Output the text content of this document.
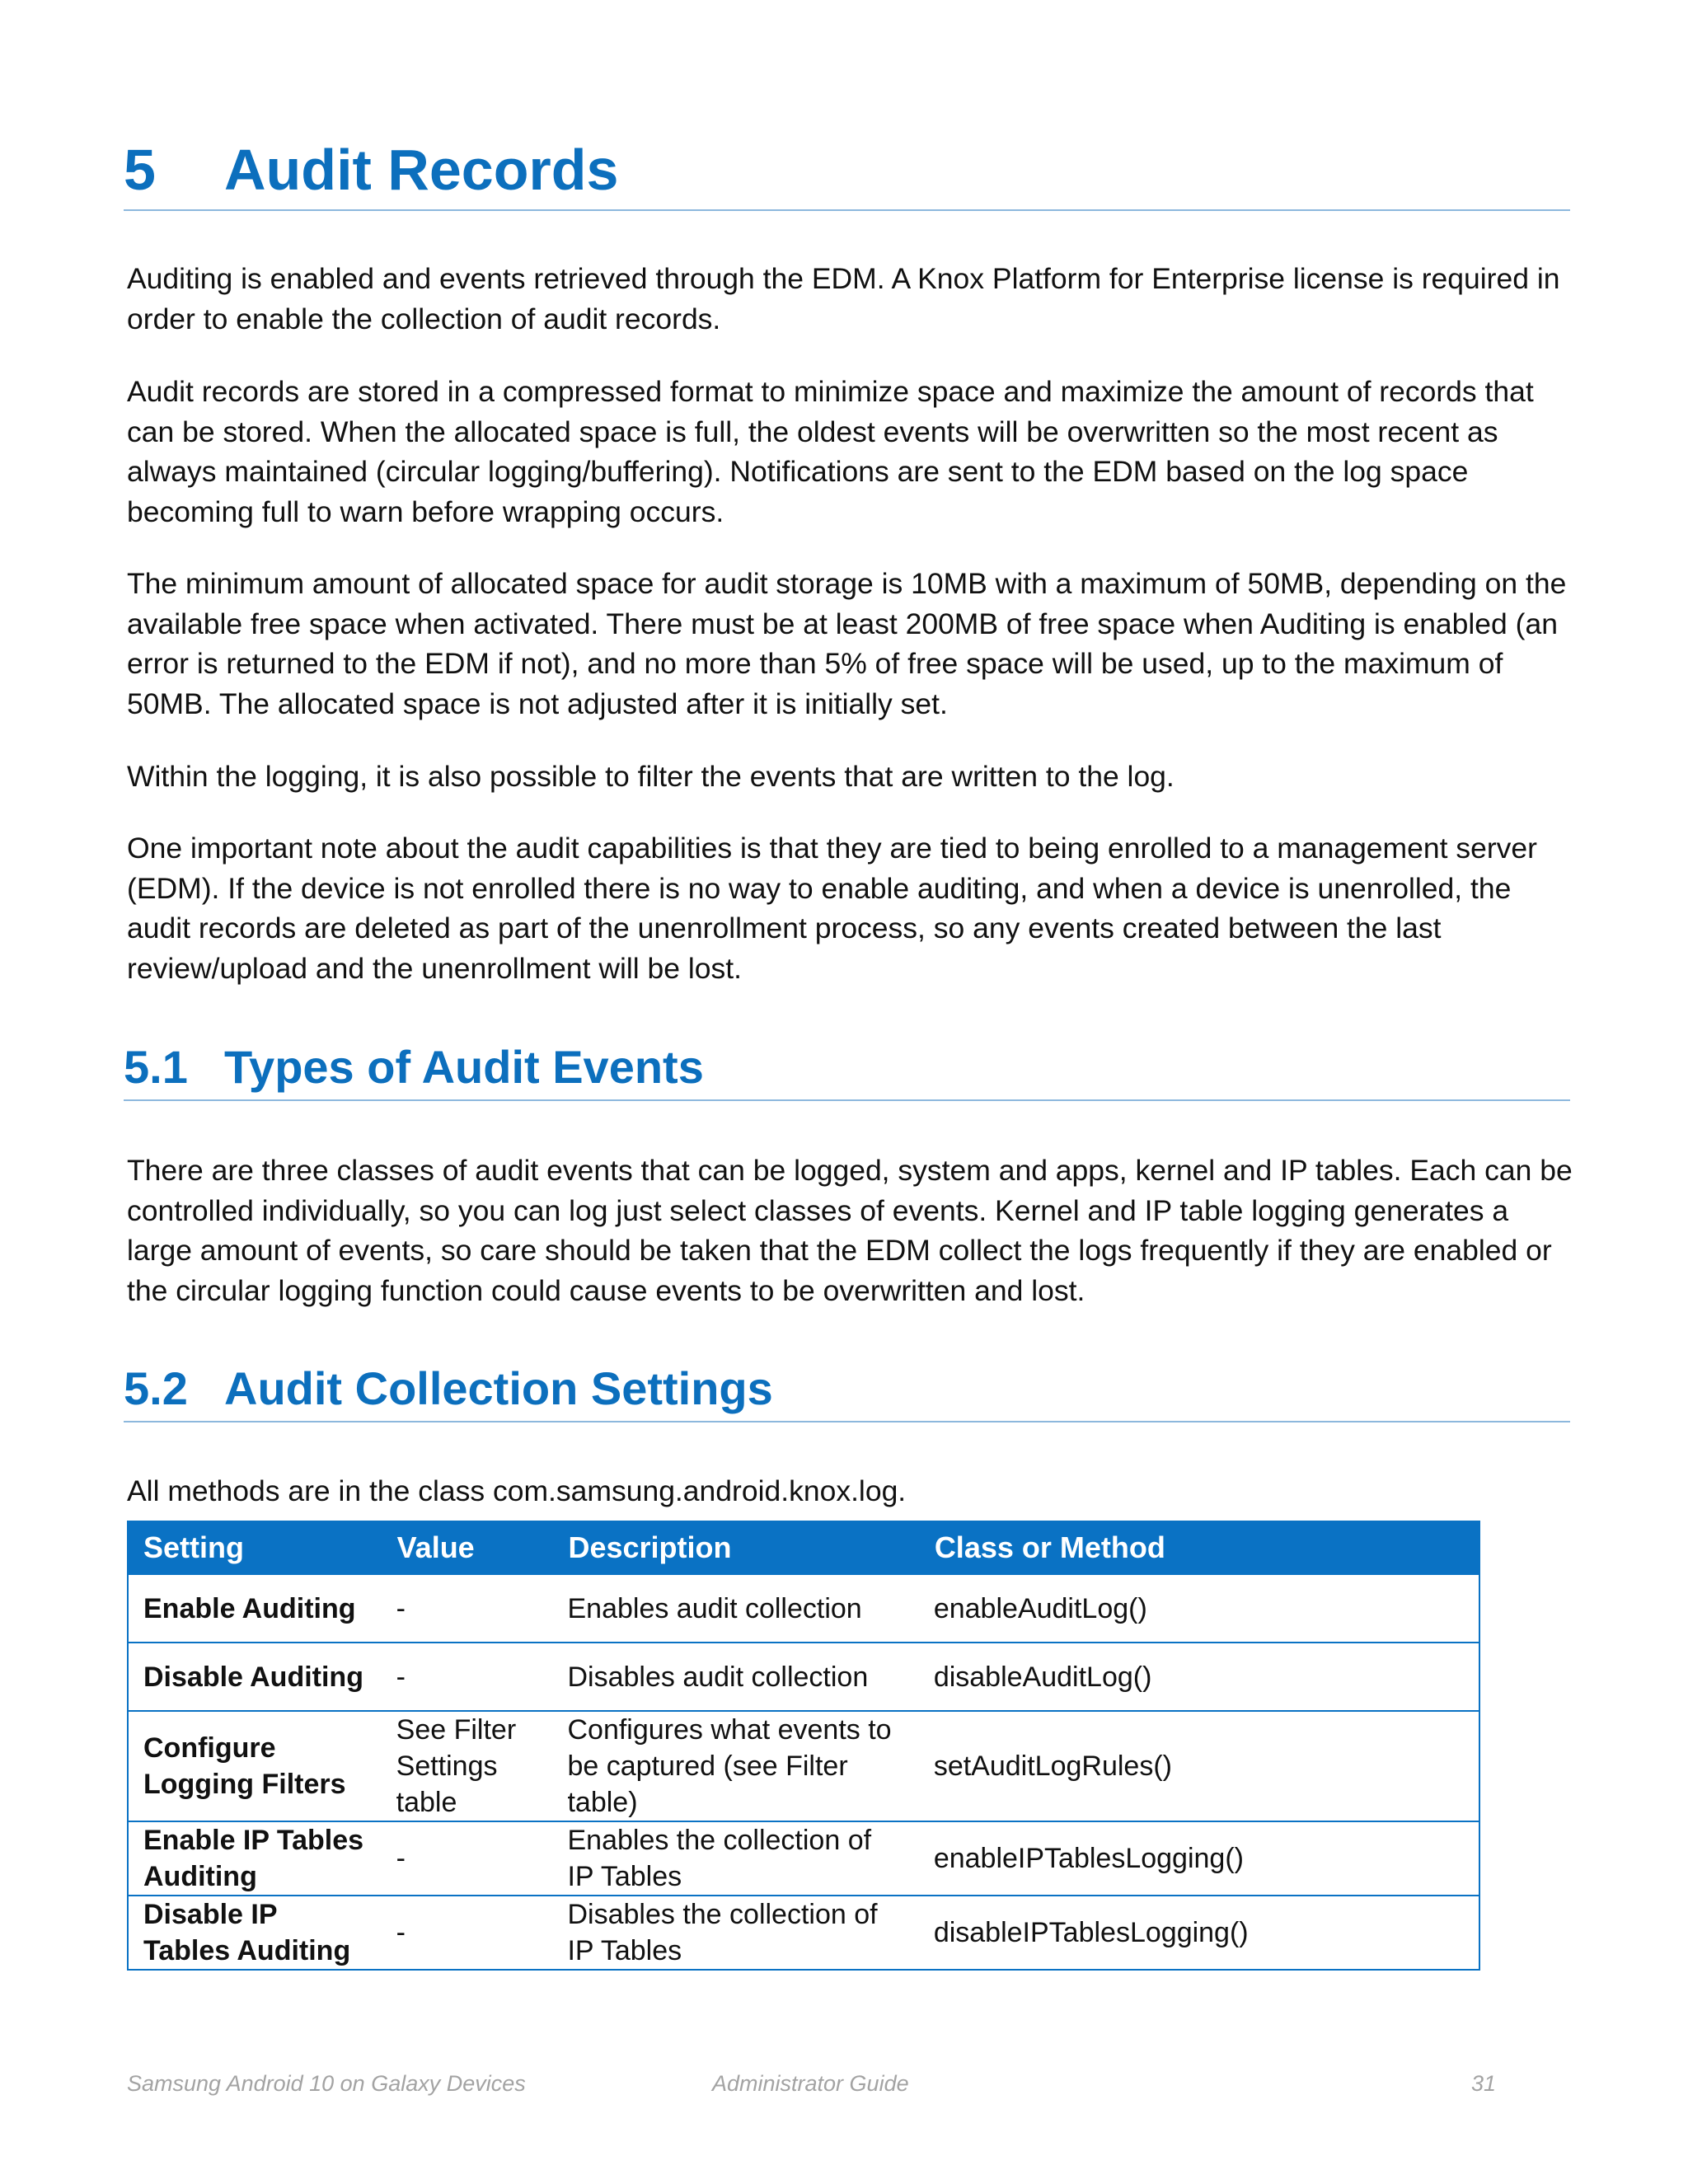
5 Audit Records

Auditing is enabled and events retrieved through the EDM. A Knox Platform for Enterprise license is required in order to enable the collection of audit records.

Audit records are stored in a compressed format to minimize space and maximize the amount of records that can be stored. When the allocated space is full, the oldest events will be overwritten so the most recent as always maintained (circular logging/buffering). Notifications are sent to the EDM based on the log space becoming full to warn before wrapping occurs.

The minimum amount of allocated space for audit storage is 10MB with a maximum of 50MB, depending on the available free space when activated. There must be at least 200MB of free space when Auditing is enabled (an error is returned to the EDM if not), and no more than 5% of free space will be used, up to the maximum of 50MB. The allocated space is not adjusted after it is initially set.

Within the logging, it is also possible to filter the events that are written to the log.

One important note about the audit capabilities is that they are tied to being enrolled to a management server (EDM). If the device is not enrolled there is no way to enable auditing, and when a device is unenrolled, the audit records are deleted as part of the unenrollment process, so any events created between the last review/upload and the unenrollment will be lost.

5.1 Types of Audit Events

There are three classes of audit events that can be logged, system and apps, kernel and IP tables. Each can be controlled individually, so you can log just select classes of events. Kernel and IP table logging generates a large amount of events, so care should be taken that the EDM collect the logs frequently if they are enabled or the circular logging function could cause events to be overwritten and lost.

5.2 Audit Collection Settings

All methods are in the class com.samsung.android.knox.log.

Setting	Value	Description	Class or Method
Enable Auditing	-	Enables audit collection	enableAuditLog()
Disable Auditing	-	Disables audit collection	disableAuditLog()
Configure Logging Filters	See Filter Settings table	Configures what events to be captured (see Filter table)	setAuditLogRules()
Enable IP Tables Auditing	-	Enables the collection of IP Tables	enableIPTablesLogging()
Disable IP Tables Auditing	-	Disables the collection of IP Tables	disableIPTablesLogging()
Samsung Android 10 on Galaxy Devices	Administrator Guide	31
